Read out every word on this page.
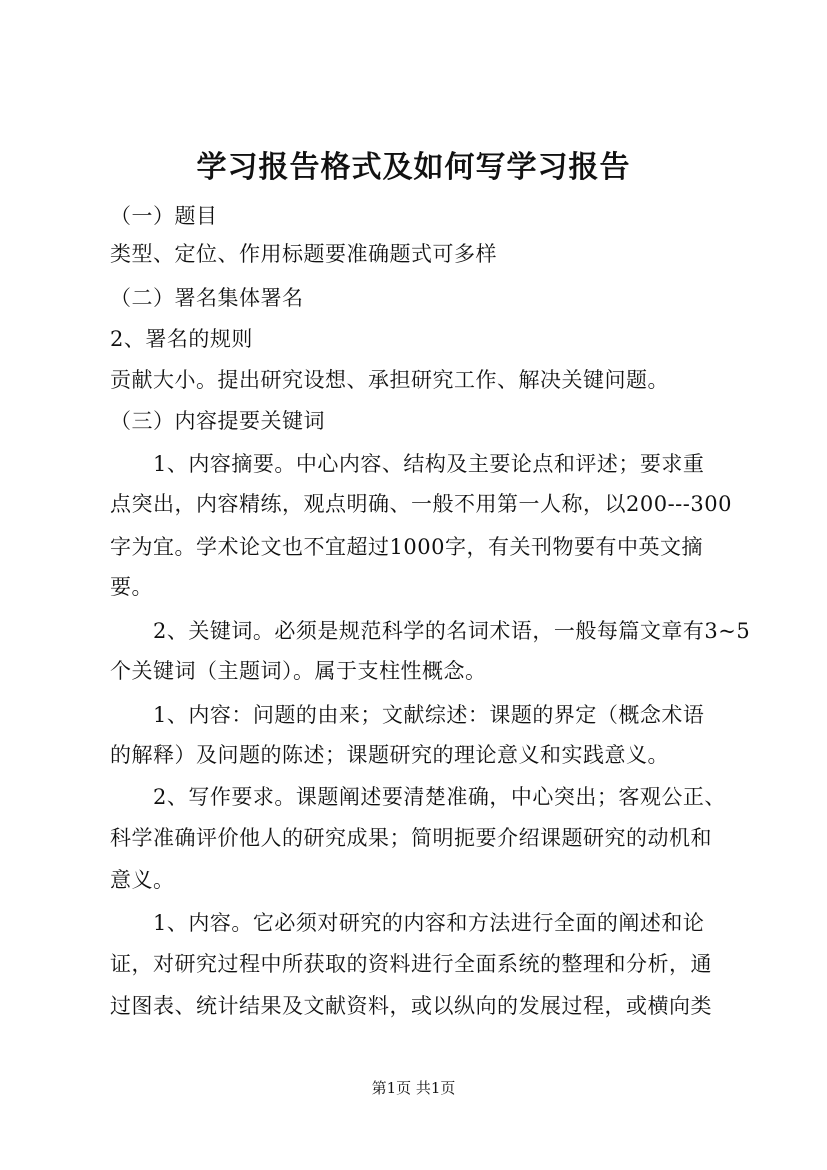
学习报告格式及如何写学习报告
（一）题目
类型、定位、作用标题要准确题式可多样
（二）署名集体署名
2、署名的规则
贡献大小。提出研究设想、承担研究工作、解决关键问题。
（三）内容提要关键词
　　1、内容摘要。中心内容、结构及主要论点和评述；要求重
点突出，内容精练，观点明确、一般不用第一人称，以200---300
字为宜。学术论文也不宜超过1000字，有关刊物要有中英文摘
要。
　　2、关键词。必须是规范科学的名词术语，一般每篇文章有3~5
个关键词（主题词）。属于支柱性概念。
　　1、内容：问题的由来；文献综述：课题的界定（概念术语
的解释）及问题的陈述；课题研究的理论意义和实践意义。
　　2、写作要求。课题阐述要清楚准确，中心突出；客观公正、
科学准确评价他人的研究成果；简明扼要介绍课题研究的动机和
意义。
　　1、内容。它必须对研究的内容和方法进行全面的阐述和论
证，对研究过程中所获取的资料进行全面系统的整理和分析，通
过图表、统计结果及文献资料，或以纵向的发展过程，或横向类
第1页 共1页
